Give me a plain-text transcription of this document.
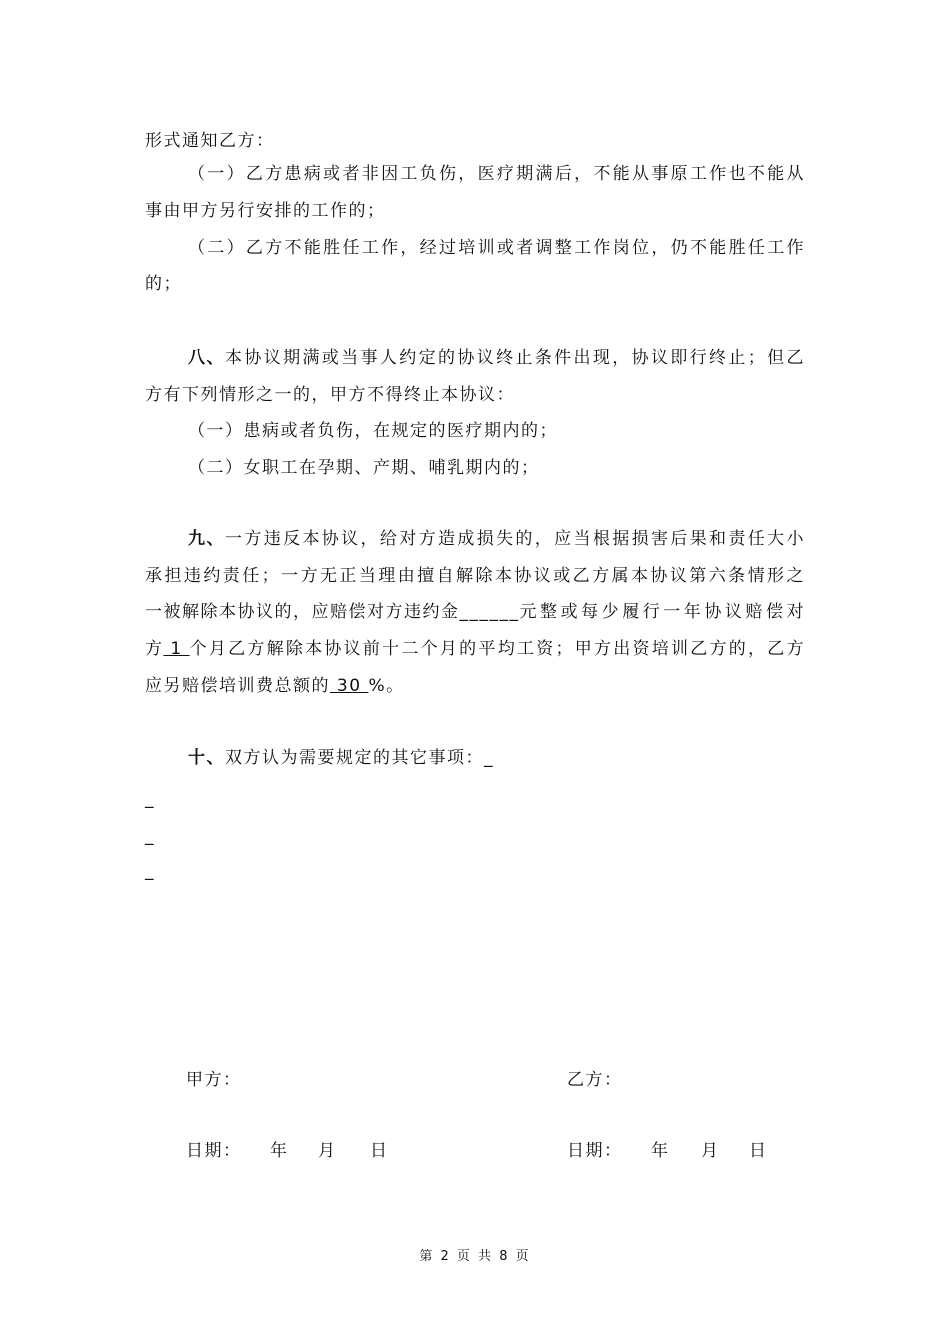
形式通知乙方：
（一）乙方患病或者非因工负伤，医疗期满后，不能从事原工作也不能从
事由甲方另行安排的工作的；
（二）乙方不能胜任工作，经过培训或者调整工作岗位，仍不能胜任工作
的；
八、 本协议期满或当事人约定的协议终止条件出现，协议即行终止；但乙
方有下列情形之一的，甲方不得终止本协议：
（一）患病或者负伤，在规定的医疗期内的；
（二）女职工在孕期、产期、哺乳期内的；
九、 一方违反本协议，给对方造成损失的，应当根据损害后果和责任大小
承担违约责任；一方无正当理由擅自解除本协议或乙方属本协议第六条情形之
一被解除本协议的，应赔偿对方违约金 ______ 元整或每少履行一年协议赔偿对
方 1 个月乙方解除本协议前十二个月的平均工资；甲方出资培训乙方的，乙方
应另赔偿培训费总额的 30 %。
十、双方认为需要规定的其它事项：_
_
_
_
甲方：	乙方：
日期： 年 月 日	日期： 年 月 日
第 2 页 共 8 页
